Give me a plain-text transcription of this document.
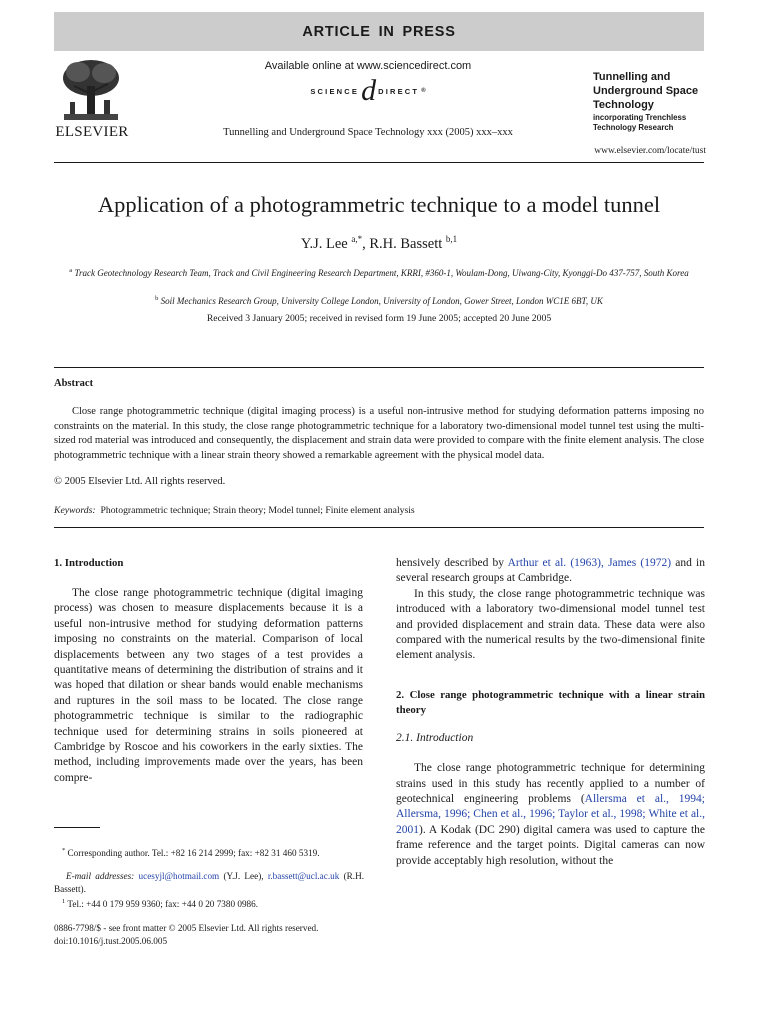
ARTICLE IN PRESS
ELSEVIER
Available online at www.sciencedirect.com
SCIENCE d DIRECT ®
Tunnelling and Underground Space Technology xxx (2005) xxx–xxx
Tunnelling and Underground Space Technology
incorporating Trenchless Technology Research
www.elsevier.com/locate/tust
Application of a photogrammetric technique to a model tunnel
Y.J. Lee $^{a,*}$, R.H. Bassett $^{b,1}$
$^a$ Track Geotechnology Research Team, Track and Civil Engineering Research Department, KRRI, #360-1, Woulam-Dong, Uiwang-City, Kyonggi-Do 437-757, South Korea
$^b$ Soil Mechanics Research Group, University College London, University of London, Gower Street, London WC1E 6BT, UK
Received 3 January 2005; received in revised form 19 June 2005; accepted 20 June 2005
Abstract
Close range photogrammetric technique (digital imaging process) is a useful non-intrusive method for studying deformation patterns imposing no constraints on the material. In this study, the close range photogrammetric technique for a laboratory two-dimensional model tunnel test using the multi-sized rod material was introduced and consequently, the displacement and strain data were provided to compare with the finite element analysis. The close photogrammetric technique with a linear strain theory showed a remarkable agreement with the physical model data.
© 2005 Elsevier Ltd. All rights reserved.
Keywords: Photogrammetric technique; Strain theory; Model tunnel; Finite element analysis

1. Introduction

The close range photogrammetric technique (digital imaging process) was chosen to measure displacements because it is a useful non-intrusive method for studying deformation patterns imposing no constraints on the material. Comparison of local displacements between any two stages of a test provides a quantitative means of determining the distribution of strains and it was hoped that dilation or shear bands would enable mechanisms and ruptures in the soil mass to be located. The close range photogrammetric technique is similar to the radiographic technique used for determining strains in soils pioneered at Cambridge by Roscoe and his coworkers in the early sixties. The method, including improvements made over the years, has been compre-

hensively described by Arthur et al. (1963), James (1972) and in several research groups at Cambridge.

In this study, the close range photogrammetric technique was introduced with a laboratory two-dimensional model tunnel test and provided displacement and strain data. These data were also compared with the numerical results by the two-dimensional finite element analysis.

2. Close range photogrammetric technique with a linear strain theory

2.1. Introduction

The close range photogrammetric technique for determining strains used in this study has recently applied to a number of geotechnical engineering problems (Allersma et al., 1994; Allersma, 1996; Chen et al., 1996; Taylor et al., 1998; White et al., 2001). A Kodak (DC 290) digital camera was used to capture the frame reference and the target points. Digital cameras can now provide acceptably high resolution, without the

* Corresponding author. Tel.: +82 16 214 2999; fax: +82 31 460 5319.
E-mail addresses: ucesyjl@hotmail.com (Y.J. Lee), r.bassett@ucl.ac.uk (R.H. Bassett).
$^1$ Tel.: +44 0 179 959 9360; fax: +44 0 20 7380 0986.
0886-7798/$ - see front matter © 2005 Elsevier Ltd. All rights reserved.
doi:10.1016/j.tust.2005.06.005
